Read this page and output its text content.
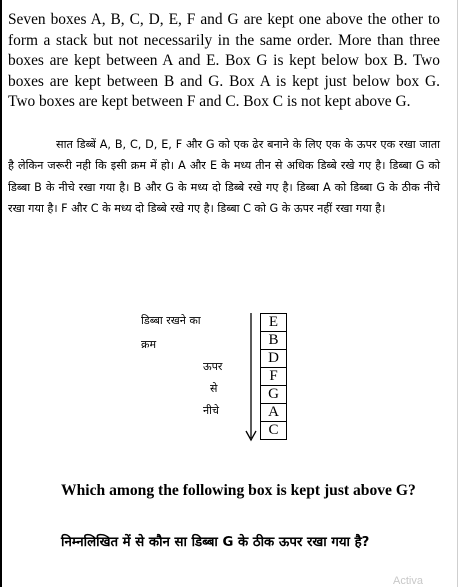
Seven boxes A, B, C, D, E, F and G are kept one above the other to form a stack but not necessarily in the same order. More than three boxes are kept between A and E. Box G is kept below box B. Two boxes are kept between B and G. Box A is kept just below box G. Two boxes are kept between F and C. Box C is not kept above G.

सात डिब्बें A, B, C, D, E, F और G को एक ढेर बनाने के लिए एक के ऊपर एक रखा जाता है लेकिन जरूरी नही कि इसी क्रम में हो। A और E के मध्य तीन से अधिक डिब्बे रखे गए है। डिब्बा G को डिब्बा B के नीचे रखा गया है। B और G के मध्य दो डिब्बे रखे गए है। डिब्बा A को डिब्बा G के ठीक नीचे रखा गया है। F और C के मध्य दो डिब्बे रखे गए है। डिब्बा C को G के ऊपर नहीं रखा गया है।

डिब्बा रखने का
क्रम
ऊपर
से
नीचे
E
B
D
F
G
A
C

Which among the following box is kept just above G?

निम्नलिखित में से कौन सा डिब्बा G के ठीक ऊपर रखा गया है?

Activa
